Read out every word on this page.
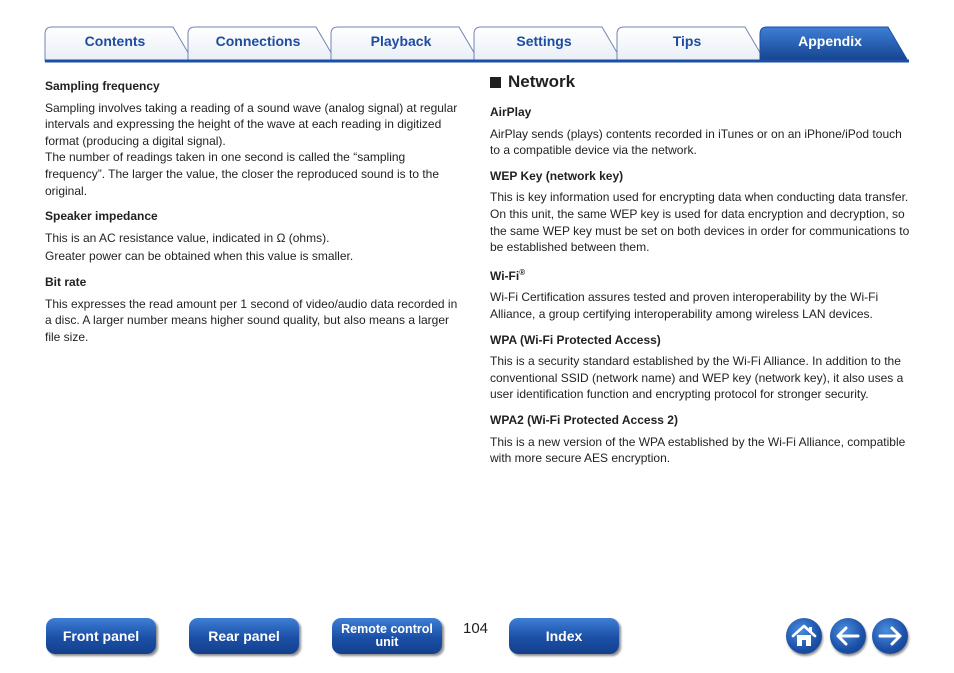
Contents	Connections	Playback	Settings	Tips	Appendix

Sampling frequency

Sampling involves taking a reading of a sound wave (analog signal) at regular intervals and expressing the height of the wave at each reading in digitized format (producing a digital signal).

The number of readings taken in one second is called the “sampling frequency”. The larger the value, the closer the reproduced sound is to the original.

Speaker impedance

This is an AC resistance value, indicated in Ω (ohms).

Greater power can be obtained when this value is smaller.

Bit rate

This expresses the read amount per 1 second of video/audio data recorded in a disc. A larger number means higher sound quality, but also means a larger file size.

Network

AirPlay

AirPlay sends (plays) contents recorded in iTunes or on an iPhone/iPod touch to a compatible device via the network.

WEP Key (network key)

This is key information used for encrypting data when conducting data transfer. On this unit, the same WEP key is used for data encryption and decryption, so the same WEP key must be set on both devices in order for communications to be established between them.

Wi-Fi®

Wi-Fi Certification assures tested and proven interoperability by the Wi-Fi Alliance, a group certifying interoperability among wireless LAN devices.

WPA (Wi-Fi Protected Access)

This is a security standard established by the Wi-Fi Alliance. In addition to the conventional SSID (network name) and WEP key (network key), it also uses a user identification function and encrypting protocol for stronger security.

WPA2 (Wi-Fi Protected Access 2)

This is a new version of the WPA established by the Wi-Fi Alliance, compatible with more secure AES encryption.

Front panel	Rear panel	Remote control
unit
104	Index
